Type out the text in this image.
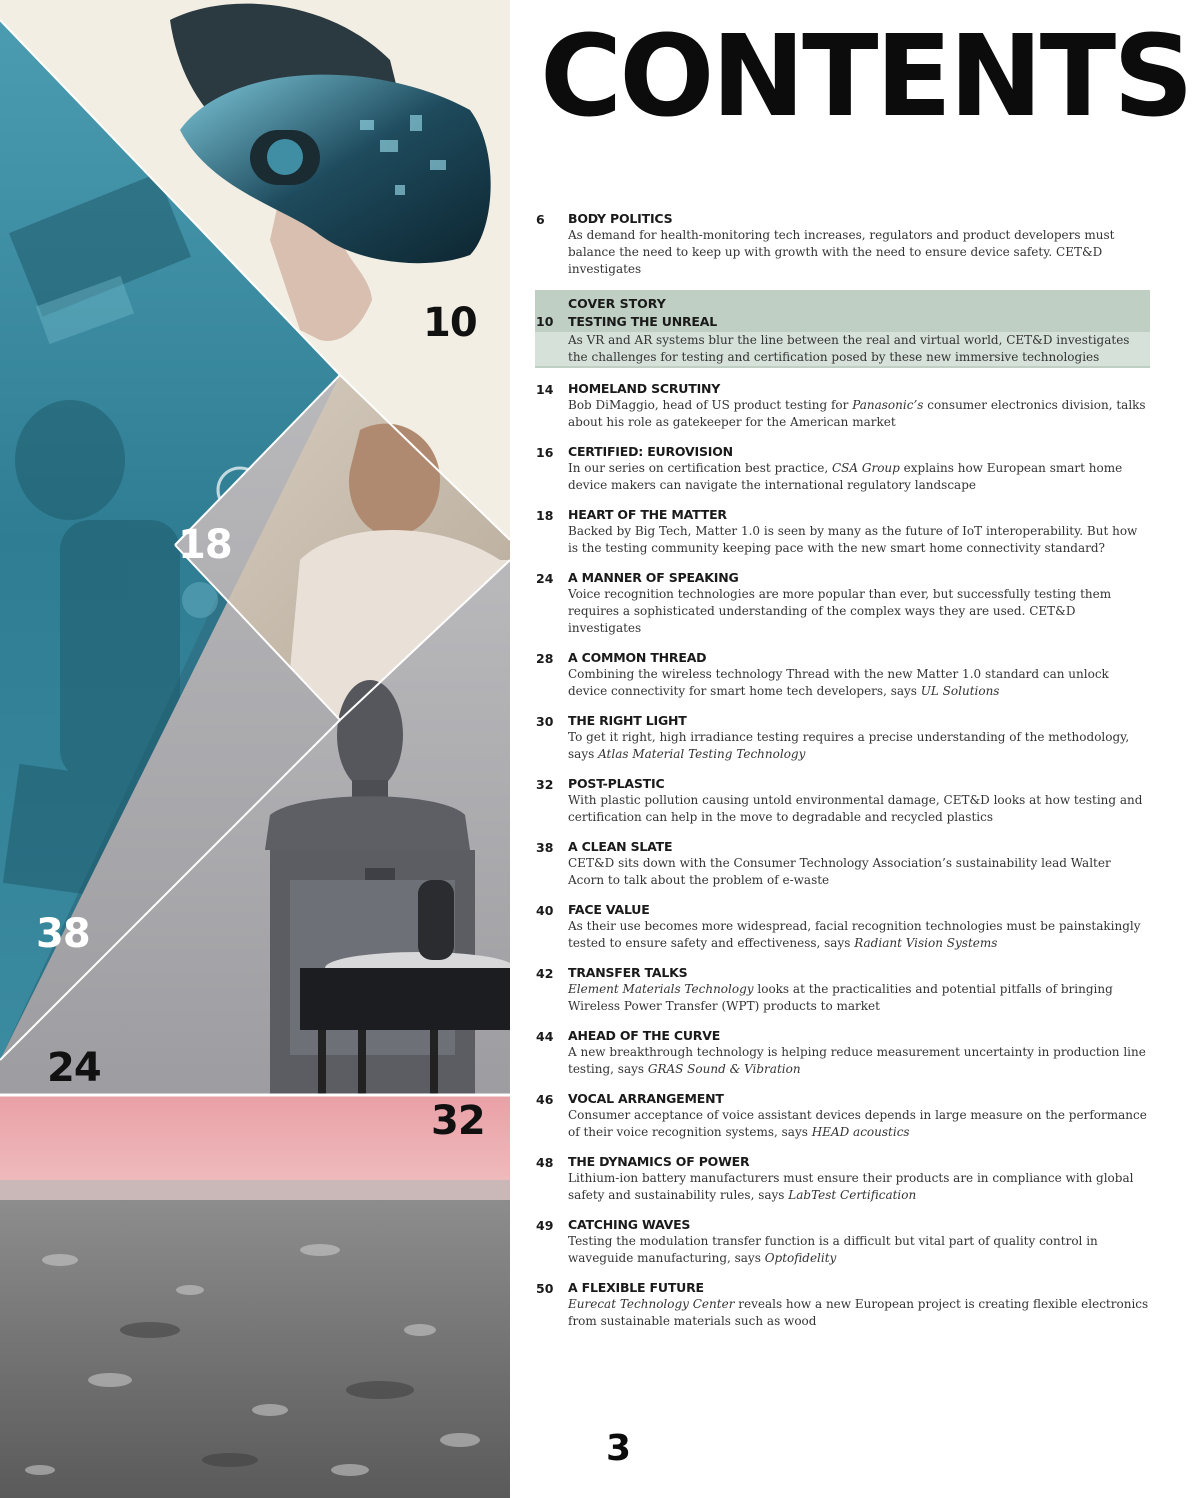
10
18
38
24
32
CONTENTS
6 BODY POLITICS
As demand for health-monitoring tech increases, regulators and product developers must balance the need to keep up with growth with the need to ensure device safety. CET&D investigates
COVER STORY
10 TESTING THE UNREAL
As VR and AR systems blur the line between the real and virtual world, CET&D investigates the challenges for testing and certification posed by these new immersive technologies
14 HOMELAND SCRUTINY
Bob DiMaggio, head of US product testing for Panasonic’s consumer electronics division, talks about his role as gatekeeper for the American market
16 CERTIFIED: EUROVISION
In our series on certification best practice, CSA Group explains how European smart home device makers can navigate the international regulatory landscape
18 HEART OF THE MATTER
Backed by Big Tech, Matter 1.0 is seen by many as the future of IoT interoperability. But how is the testing community keeping pace with the new smart home connectivity standard?
24 A MANNER OF SPEAKING
Voice recognition technologies are more popular than ever, but successfully testing them requires a sophisticated understanding of the complex ways they are used. CET&D investigates
28 A COMMON THREAD
Combining the wireless technology Thread with the new Matter 1.0 standard can unlock device connectivity for smart home tech developers, says UL Solutions
30 THE RIGHT LIGHT
To get it right, high irradiance testing requires a precise understanding of the methodology, says Atlas Material Testing Technology
32 POST-PLASTIC
With plastic pollution causing untold environmental damage, CET&D looks at how testing and certification can help in the move to degradable and recycled plastics
38 A CLEAN SLATE
CET&D sits down with the Consumer Technology Association’s sustainability lead Walter Acorn to talk about the problem of e-waste
40 FACE VALUE
As their use becomes more widespread, facial recognition technologies must be painstakingly tested to ensure safety and effectiveness, says Radiant Vision Systems
42 TRANSFER TALKS
Element Materials Technology looks at the practicalities and potential pitfalls of bringing Wireless Power Transfer (WPT) products to market
44 AHEAD OF THE CURVE
A new breakthrough technology is helping reduce measurement uncertainty in production line testing, says GRAS Sound & Vibration
46 VOCAL ARRANGEMENT
Consumer acceptance of voice assistant devices depends in large measure on the performance of their voice recognition systems, says HEAD acoustics
48 THE DYNAMICS OF POWER
Lithium-ion battery manufacturers must ensure their products are in compliance with global safety and sustainability rules, says LabTest Certification
49 CATCHING WAVES
Testing the modulation transfer function is a difficult but vital part of quality control in waveguide manufacturing, says Optofidelity
50 A FLEXIBLE FUTURE
Eurecat Technology Center reveals how a new European project is creating flexible electronics from sustainable materials such as wood
3
